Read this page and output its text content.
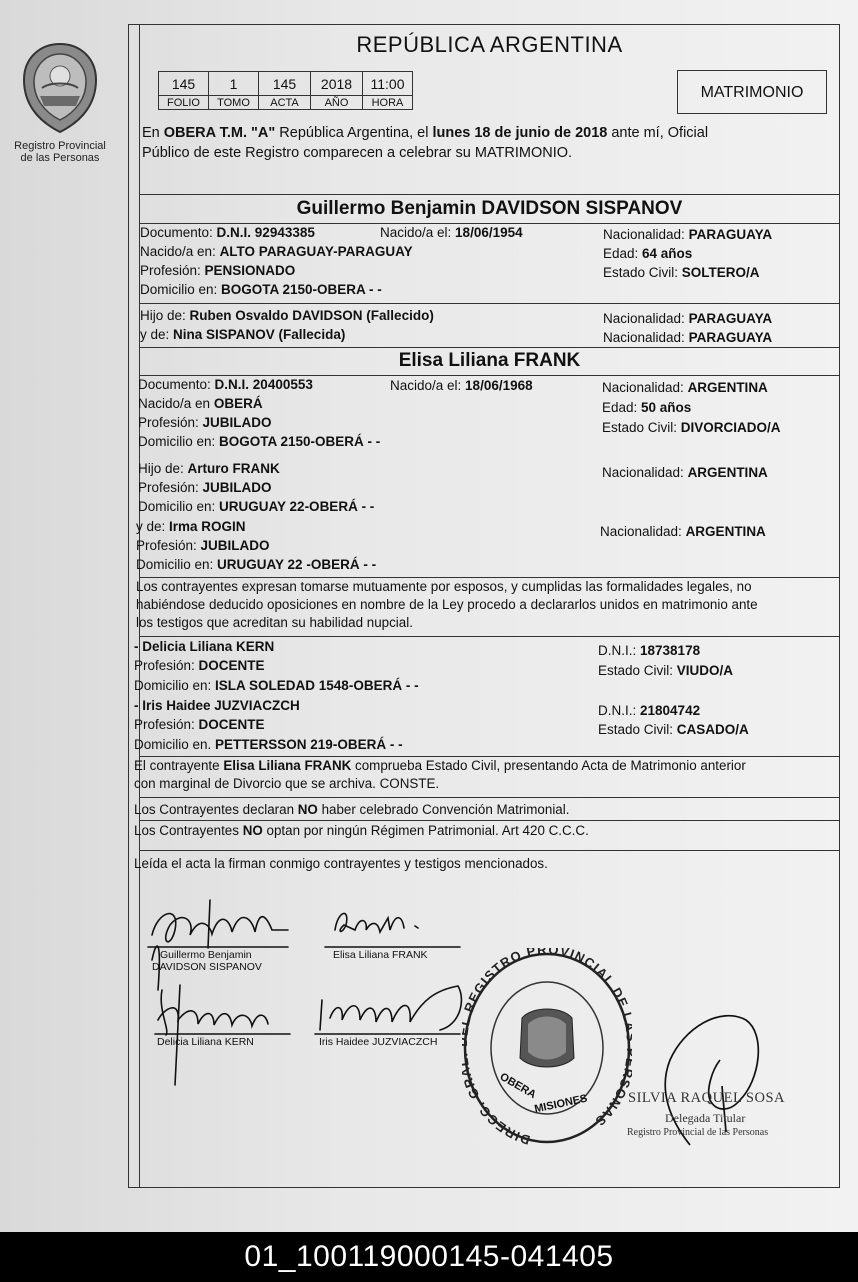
Registro Provincial
de las Personas
REPÚBLICA ARGENTINA
145	1	145	2018	11:00
FOLIO	TOMO	ACTA	AÑO	HORA
MATRIMONIO
En OBERA T.M. "A" República Argentina, el lunes 18 de junio de 2018 ante mí, Oficial
Público de este Registro comparecen a celebrar su MATRIMONIO.
Guillermo Benjamin DAVIDSON SISPANOV
Documento: D.N.I. 92943385	Nacido/a el: 18/06/1954	Nacionalidad: PARAGUAYA
Nacido/a en: ALTO PARAGUAY-PARAGUAY	Edad: 64 años
Profesión: PENSIONADO	Estado Civil: SOLTERO/A
Domicilio en: BOGOTA 2150-OBERA - -
Hijo de: Ruben Osvaldo DAVIDSON (Fallecido)	Nacionalidad: PARAGUAYA
y de: Nina SISPANOV (Fallecida)	Nacionalidad: PARAGUAYA
Elisa Liliana FRANK
Documento: D.N.I. 20400553	Nacido/a el: 18/06/1968	Nacionalidad: ARGENTINA
Nacido/a en OBERÁ	Edad: 50 años
Profesión: JUBILADO	Estado Civil: DIVORCIADO/A
Domicilio en: BOGOTA 2150-OBERÁ - -
Hijo de: Arturo FRANK	Nacionalidad: ARGENTINA
Profesión: JUBILADO
Domicilio en: URUGUAY 22-OBERÁ - -
y de: Irma ROGIN	Nacionalidad: ARGENTINA
Profesión: JUBILADO
Domicilio en: URUGUAY 22 -OBERÁ - -
Los contrayentes expresan tomarse mutuamente por esposos, y cumplidas las formalidades legales, no
habiéndose deducido oposiciones en nombre de la Ley procedo a declararlos unidos en matrimonio ante
los testigos que acreditan su habilidad nupcial.
- Delicia Liliana KERN	D.N.I.: 18738178
Profesión: DOCENTE	Estado Civil: VIUDO/A
Domicilio en: ISLA SOLEDAD 1548-OBERÁ - -
- Iris Haidee JUZVIACZCH	D.N.I.: 21804742
Profesión: DOCENTE	Estado Civil: CASADO/A
Domicilio en. PETTERSSON 219-OBERÁ - -
El contrayente Elisa Liliana FRANK comprueba Estado Civil, presentando Acta de Matrimonio anterior
con marginal de Divorcio que se archiva. CONSTE.
Los Contrayentes declaran NO haber celebrado Convención Matrimonial.
Los Contrayentes NO optan por ningún Régimen Patrimonial. Art 420 C.C.C.
Leída el acta la firman conmigo contrayentes y testigos mencionados.
Guillermo Benjamin
DAVIDSON SISPANOV
Elisa Liliana FRANK
Delicia Liliana KERN	Iris Haidee JUZVIACZCH
DIRECC. G REGISTRO PROVINCIAL DE SONAS
OBERA
MISIONES	SILVIA RAQUEL SOSA
Delegada Titular
Registro Provincial de las Personas
01_100119000145-041405
